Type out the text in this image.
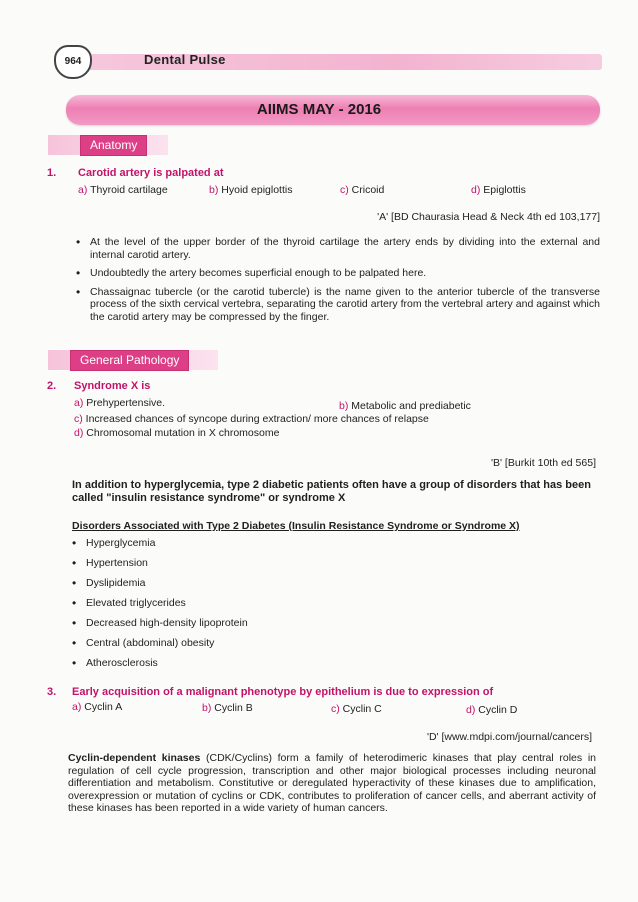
964	Dental Pulse
AIIMS MAY - 2016
Anatomy
1. Carotid artery is palpated at
a) Thyroid cartilage	b) Hyoid epiglottis	c) Cricoid	d) Epiglottis
'A' [BD Chaurasia Head & Neck 4th ed 103,177]
• At the level of the upper border of the thyroid cartilage the artery ends by dividing into the external and internal carotid artery.
• Undoubtedly the artery becomes superficial enough to be palpated here.
• Chassaignac tubercle (or the carotid tubercle) is the name given to the anterior tubercle of the transverse process of the sixth cervical vertebra, separating the carotid artery from the vertebral artery and against which the carotid artery may be compressed by the finger.
General Pathology
2. Syndrome X is
a) Prehypertensive.	b) Metabolic and prediabetic
c) Increased chances of syncope during extraction/ more chances of relapse
d) Chromosomal mutation in X chromosome
'B' [Burkit 10th ed 565]
In addition to hyperglycemia, type 2 diabetic patients often have a group of disorders that has been called "insulin resistance syndrome" or syndrome X
Disorders Associated with Type 2 Diabetes (Insulin Resistance Syndrome or Syndrome X)
• Hyperglycemia
• Hypertension
• Dyslipidemia
• Elevated triglycerides
• Decreased high-density lipoprotein
• Central (abdominal) obesity
• Atherosclerosis
3. Early acquisition of a malignant phenotype by epithelium is due to expression of
a) Cyclin A	b) Cyclin B	c) Cyclin C	d) Cyclin D
'D' [www.mdpi.com/journal/cancers]
Cyclin-dependent kinases (CDK/Cyclins) form a family of heterodimeric kinases that play central roles in regulation of cell cycle progression, transcription and other major biological processes including neuronal differentiation and metabolism. Constitutive or deregulated hyperactivity of these kinases due to amplification, overexpression or mutation of cyclins or CDK, contributes to proliferation of cancer cells, and aberrant activity of these kinases has been reported in a wide variety of human cancers.
